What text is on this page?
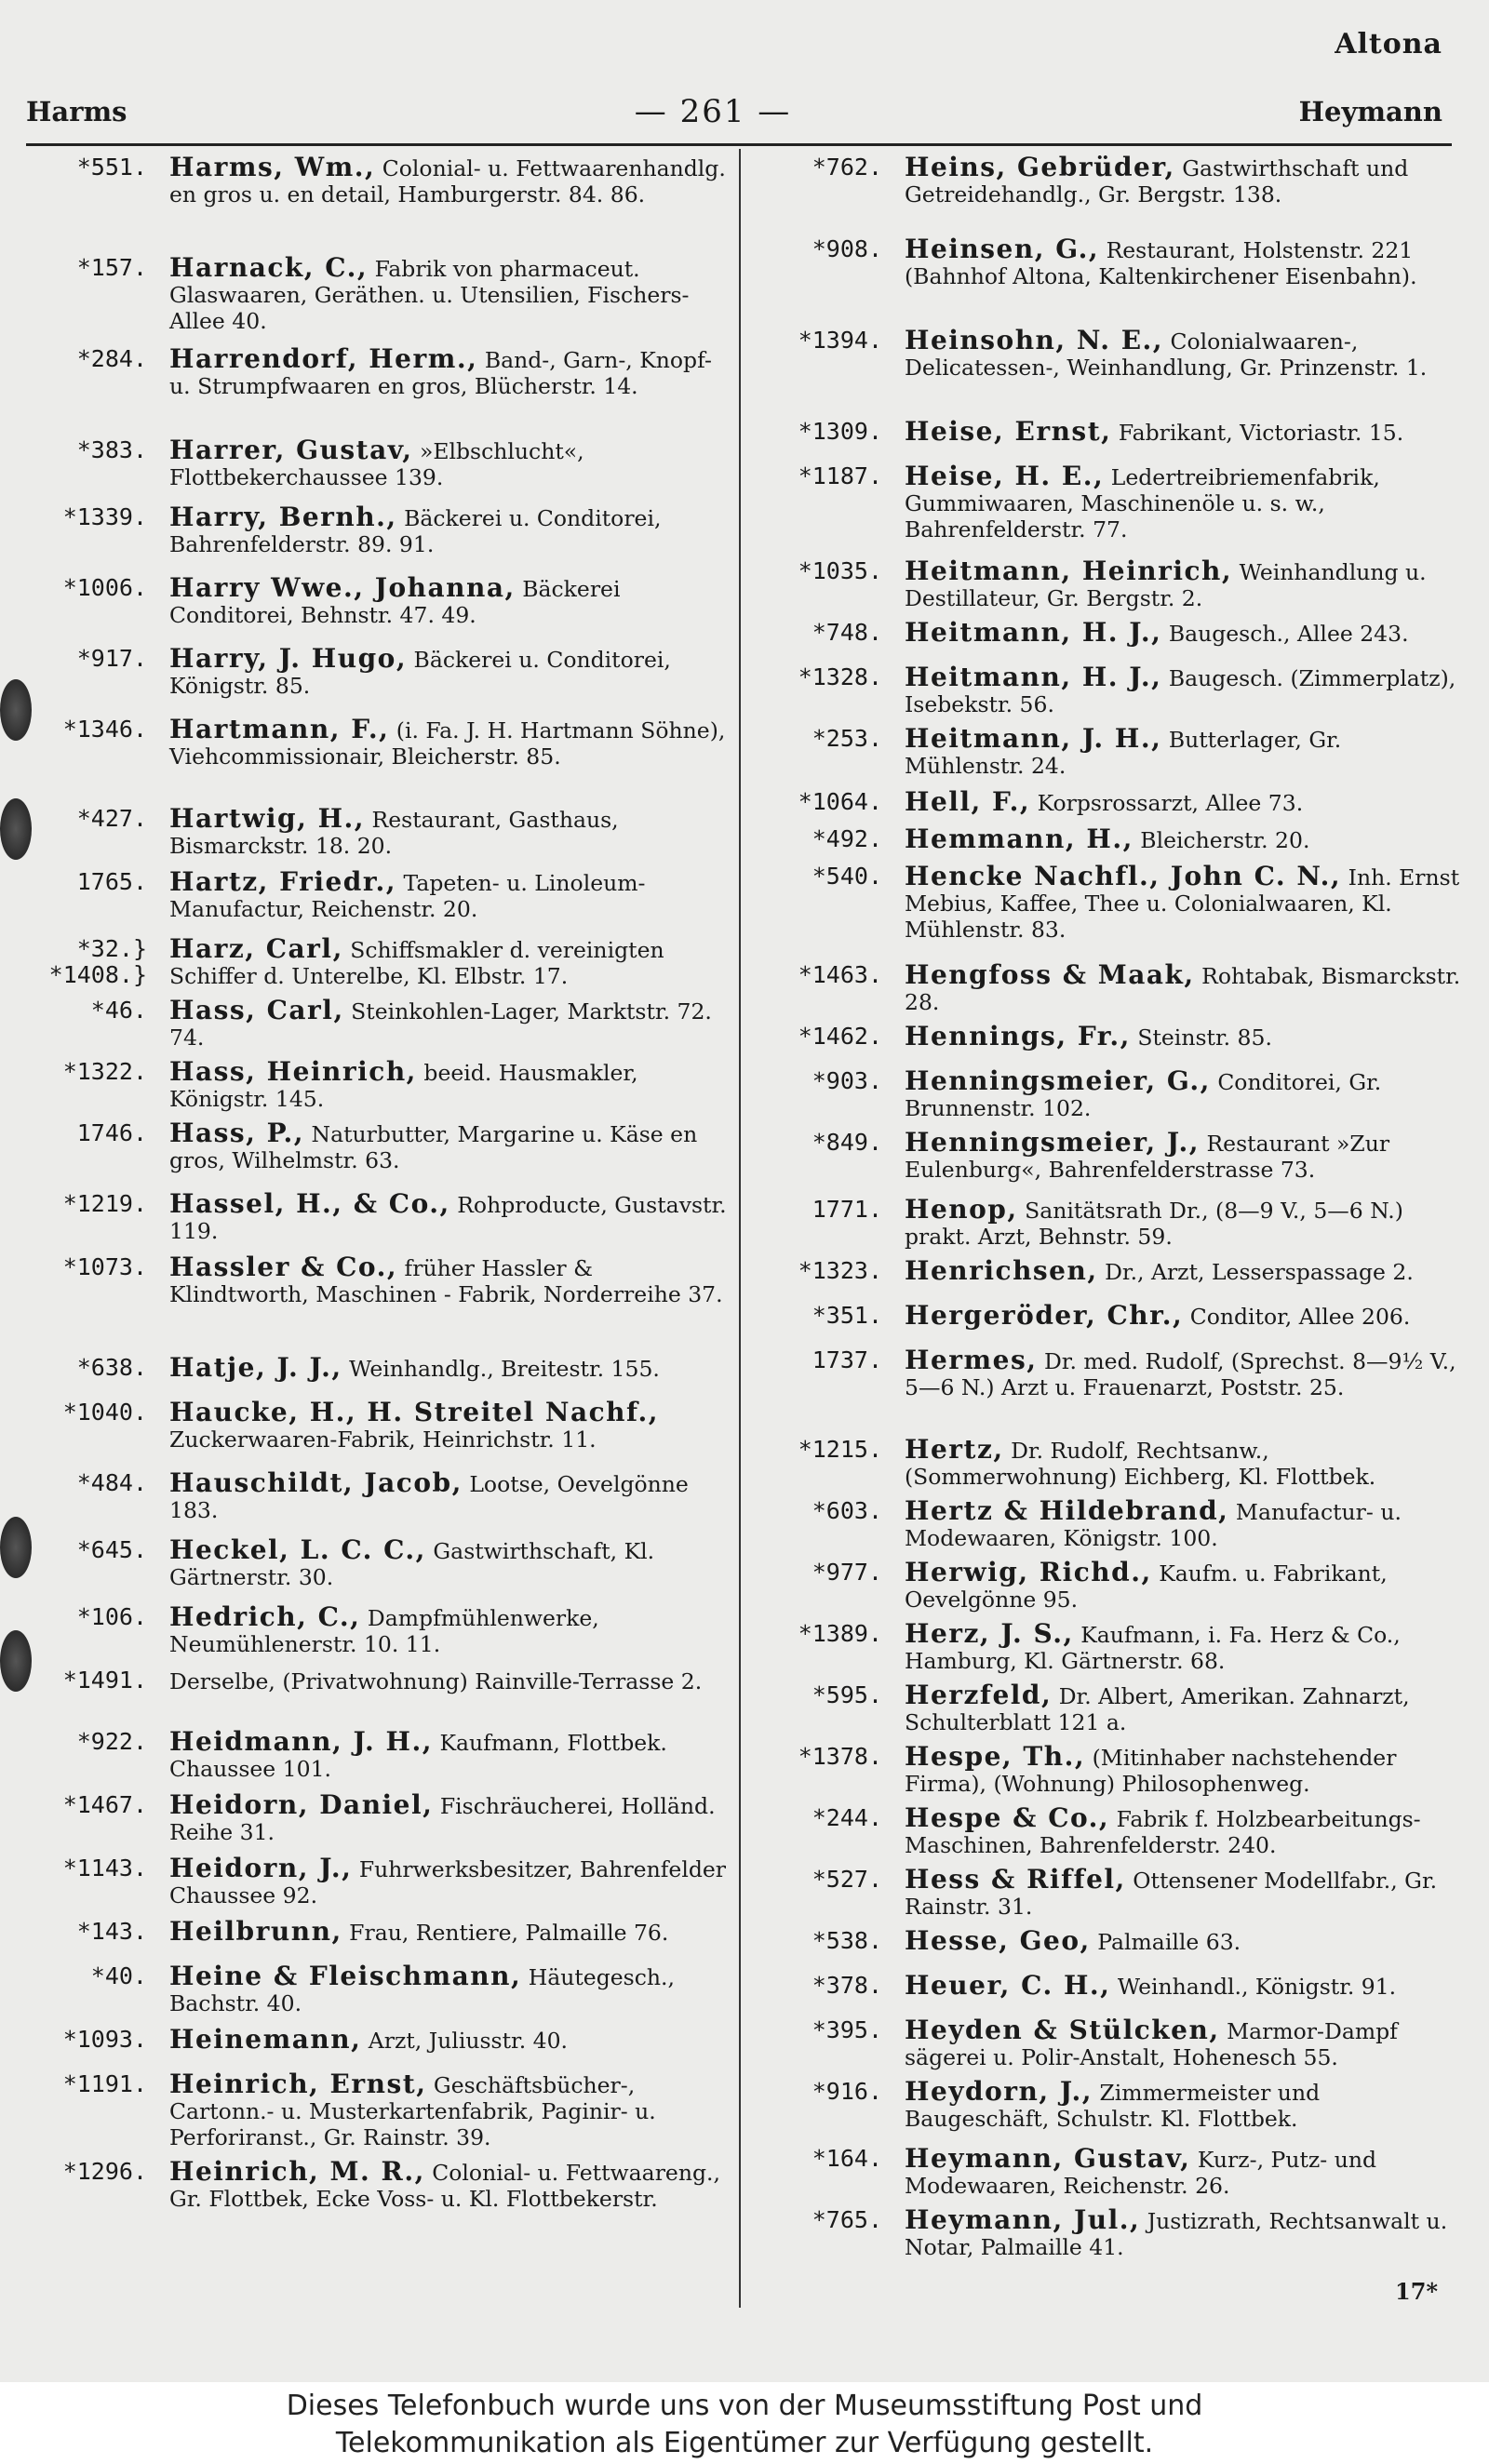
Altona
Harms	— 261 —	Heymann
*551. Harms, Wm., Colonial- u. Fettwaarenhandlg. en gros u. en detail, Hamburgerstr. 84. 86.
*157. Harnack, C., Fabrik von pharmaceut. Glaswaaren, Geräthen. u. Utensilien, Fischers-Allee 40.
*284. Harrendorf, Herm., Band-, Garn-, Knopf- u. Strumpfwaaren en gros, Blücherstr. 14.
*383. Harrer, Gustav, »Elbschlucht«, Flottbekerchaussee 139.
*1339. Harry, Bernh., Bäckerei u. Conditorei, Bahrenfelderstr. 89. 91.
*1006. Harry Wwe., Johanna, Bäckerei Conditorei, Behnstr. 47. 49.
*917. Harry, J. Hugo, Bäckerei u. Conditorei, Königstr. 85.
*1346. Hartmann, F., (i. Fa. J. H. Hartmann Söhne), Viehcommissionair, Bleicherstr. 85.
*427. Hartwig, H., Restaurant, Gasthaus, Bismarckstr. 18. 20.
1765. Hartz, Friedr., Tapeten- u. Linoleum-Manufactur, Reichenstr. 20.
*32.} *1408.}
Harz, Carl, Schiffsmakler d. vereinigten Schiffer d. Unterelbe, Kl. Elbstr. 17.
*46. Hass, Carl, Steinkohlen-Lager, Marktstr. 72. 74.
*1322. Hass, Heinrich, beeid. Hausmakler, Königstr. 145.
1746. Hass, P., Naturbutter, Margarine u. Käse en gros, Wilhelmstr. 63.
*1219. Hassel, H., & Co., Rohproducte, Gustavstr. 119.
*1073. Hassler & Co., früher Hassler & Klindtworth, Maschinen - Fabrik, Norderreihe 37.
*638. Hatje, J. J., Weinhandlg., Breitestr. 155.
*1040. Haucke, H., H. Streitel Nachf., Zuckerwaaren-Fabrik, Heinrichstr. 11.
*484. Hauschildt, Jacob, Lootse, Oevelgönne 183.
*645. Heckel, L. C. C., Gastwirthschaft, Kl. Gärtnerstr. 30.
*106. Hedrich, C., Dampfmühlenwerke, Neumühlenerstr. 10. 11.
*1491.	Derselbe, (Privatwohnung) Rainville-Terrasse 2.
*922. Heidmann, J. H., Kaufmann, Flottbek. Chaussee 101.
*1467. Heidorn, Daniel, Fischräucherei, Holländ. Reihe 31.
*1143. Heidorn, J., Fuhrwerksbesitzer, Bahrenfelder Chaussee 92.
*143. Heilbrunn, Frau, Rentiere, Palmaille 76.
*40. Heine & Fleischmann, Häutegesch., Bachstr. 40.
*1093. Heinemann, Arzt, Juliusstr. 40.
*1191. Heinrich, Ernst, Geschäftsbücher-, Cartonn.- u. Musterkartenfabrik, Paginir- u. Perforiranst., Gr. Rainstr. 39.
*1296. Heinrich, M. R., Colonial- u. Fettwaareng., Gr. Flottbek, Ecke Voss- u. Kl. Flottbekerstr.
*762. Heins, Gebrüder, Gastwirthschaft und Getreidehandlg., Gr. Bergstr. 138.
*908. Heinsen, G., Restaurant, Holstenstr. 221 (Bahnhof Altona, Kaltenkirchener Eisenbahn).
*1394. Heinsohn, N. E., Colonialwaaren-, Delicatessen-, Weinhandlung, Gr. Prinzenstr. 1.
*1309. Heise, Ernst, Fabrikant, Victoriastr. 15.
*1187. Heise, H. E., Ledertreibriemenfabrik, Gummiwaaren, Maschinenöle u. s. w., Bahrenfelderstr. 77.
*1035. Heitmann, Heinrich, Weinhandlung u. Destillateur, Gr. Bergstr. 2.
*748. Heitmann, H. J., Baugesch., Allee 243.
*1328. Heitmann, H. J., Baugesch. (Zimmerplatz), Isebekstr. 56.
*253. Heitmann, J. H., Butterlager, Gr. Mühlenstr. 24.
*1064. Hell, F., Korpsrossarzt, Allee 73.
*492. Hemmann, H., Bleicherstr. 20.
*540. Hencke Nachfl., John C. N., Inh. Ernst Mebius, Kaffee, Thee u. Colonialwaaren, Kl. Mühlenstr. 83.
*1463. Hengfoss & Maak, Rohtabak, Bismarckstr. 28.
*1462. Hennings, Fr., Steinstr. 85.
*903. Henningsmeier, G., Conditorei, Gr. Brunnenstr. 102.
*849. Henningsmeier, J., Restaurant »Zur Eulenburg«, Bahrenfelderstrasse 73.
1771. Henop, Sanitätsrath Dr., (8—9 V., 5—6 N.) prakt. Arzt, Behnstr. 59.
*1323. Henrichsen, Dr., Arzt, Lesserspassage 2.
*351. Hergeröder, Chr., Conditor, Allee 206.
1737. Hermes, Dr. med. Rudolf, (Sprechst. 8—9½ V., 5—6 N.) Arzt u. Frauenarzt, Poststr. 25.
*1215. Hertz, Dr. Rudolf, Rechtsanw., (Sommerwohnung) Eichberg, Kl. Flottbek.
*603. Hertz & Hildebrand, Manufactur- u. Modewaaren, Königstr. 100.
*977. Herwig, Richd., Kaufm. u. Fabrikant, Oevelgönne 95.
*1389. Herz, J. S., Kaufmann, i. Fa. Herz & Co., Hamburg, Kl. Gärtnerstr. 68.
*595. Herzfeld, Dr. Albert, Amerikan. Zahnarzt, Schulterblatt 121 a.
*1378. Hespe, Th., (Mitinhaber nachstehender Firma), (Wohnung) Philosophenweg.
*244. Hespe & Co., Fabrik f. Holzbearbeitungs-Maschinen, Bahrenfelderstr. 240.
*527. Hess & Riffel, Ottensener Modellfabr., Gr. Rainstr. 31.
*538. Hesse, Geo, Palmaille 63.
*378. Heuer, C. H., Weinhandl., Königstr. 91.
*395. Heyden & Stülcken, Marmor-Dampf sägerei u. Polir-Anstalt, Hohenesch 55.
*916. Heydorn, J., Zimmermeister und Baugeschäft, Schulstr. Kl. Flottbek.
*164. Heymann, Gustav, Kurz-, Putz- und Modewaaren, Reichenstr. 26.
*765. Heymann, Jul., Justizrath, Rechtsanwalt u. Notar, Palmaille 41.
17*
Dieses Telefonbuch wurde uns von der Museumsstiftung Post und
Telekommunikation als Eigentümer zur Verfügung gestellt.
